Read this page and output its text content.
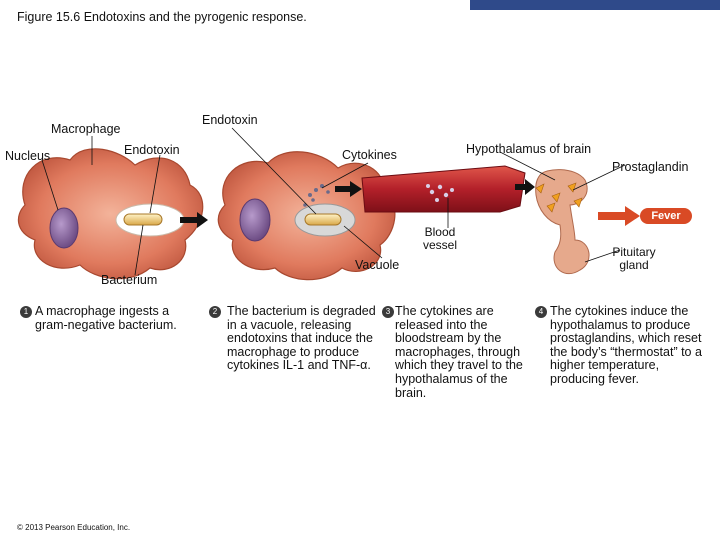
Figure 15.6 Endotoxins and the pyrogenic response.
Macrophage
Nucleus	Endotoxin
Endotoxin
Bacterium
Cytokines
Vacuole
Blood
vessel
Hypothalamus of brain
Prostaglandin
Fever
Pituitary
gland
1 A macrophage ingests a gram-negative bacterium.
2 The bacterium is degraded in a vacuole, releasing endotoxins that induce the macrophage to produce cytokines IL-1 and TNF-α.
3 The cytokines are released into the bloodstream by the macrophages, through which they travel to the hypothalamus of the brain.
4 The cytokines induce the hypothalamus to produce prostaglandins, which reset the body’s “thermostat” to a higher temperature, producing fever.
© 2013 Pearson Education, Inc.
